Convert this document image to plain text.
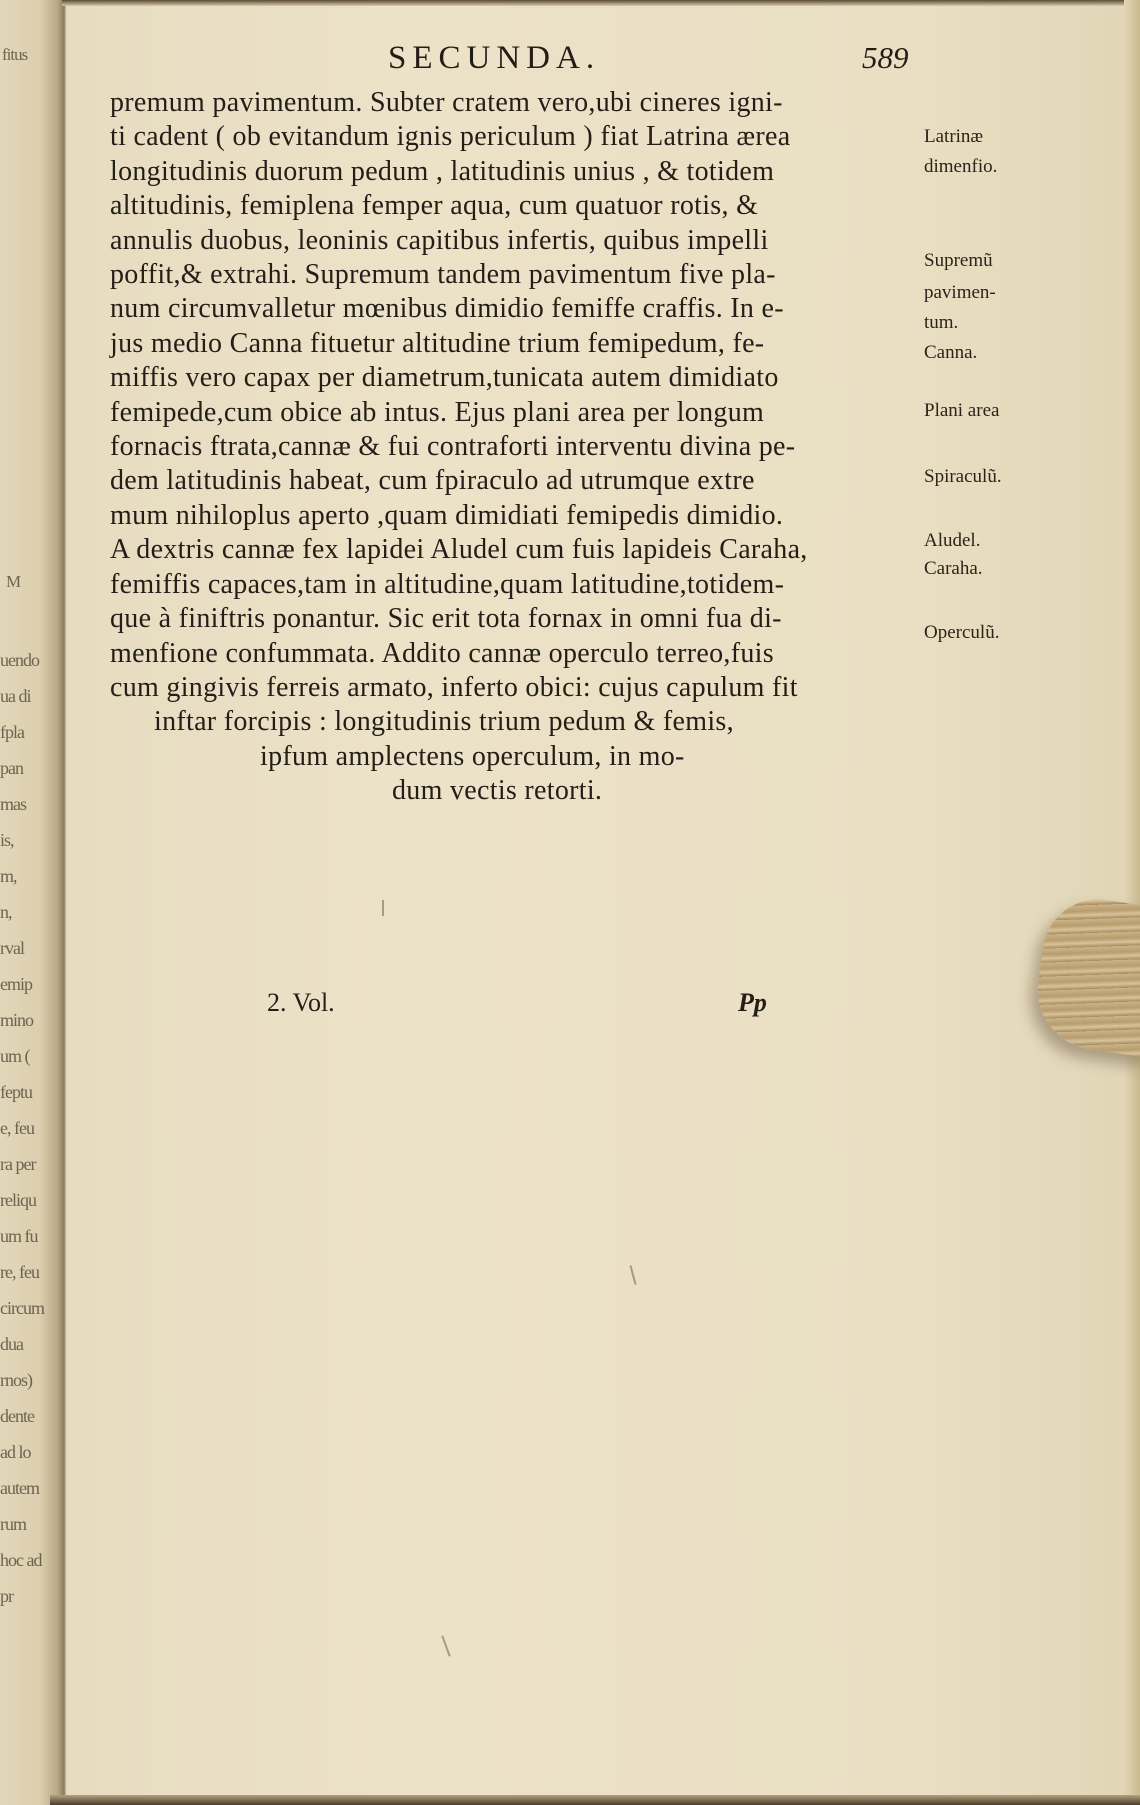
fitus
M
uendo
ua di
fpla
pan
mas
is,
m,
n,
rval
emip
mino
um (
feptu
e, feu
ra per
reliqu
um fu
re, feu
circum
dua
rnos)
dente
ad lo
autem
rum
hoc ad
pr
SECUNDA.	589
premum pavimentum. Subter cratem vero,ubi cineres igni-
ti cadent ( ob evitandum ignis periculum ) fiat Latrina ærea
longitudinis duorum pedum , latitudinis unius , & totidem
altitudinis, femiplena femper aqua, cum quatuor rotis, &
annulis duobus, leoninis capitibus infertis, quibus impelli
poffit,& extrahi. Supremum tandem pavimentum five pla-
num circumvalletur mœnibus dimidio femiffe craffis. In e-
jus medio Canna fituetur altitudine trium femipedum, fe-
miffis vero capax per diametrum,tunicata autem dimidiato
femipede,cum obice ab intus. Ejus plani area per longum
fornacis ftrata,cannæ & fui contraforti interventu divina pe-
dem latitudinis habeat, cum fpiraculo ad utrumque extre
mum nihiloplus aperto ,quam dimidiati femipedis dimidio.
A dextris cannæ fex lapidei Aludel cum fuis lapideis Caraha,
femiffis capaces,tam in altitudine,quam latitudine,totidem-
que à finiftris ponantur. Sic erit tota fornax in omni fua di-
menfione confummata. Addito cannæ operculo terreo,fuis
cum gingivis ferreis armato, inferto obici: cujus capulum fit
inftar forcipis : longitudinis trium pedum & femis,
ipfum amplectens operculum, in mo-
dum vectis retorti.
Latrinæ
dimenfio.
Supremũ
pavimen-
tum.
Canna.
Plani area
Spiraculũ.
Aludel.
Caraha.
Operculũ.
2. Vol.	Pp
